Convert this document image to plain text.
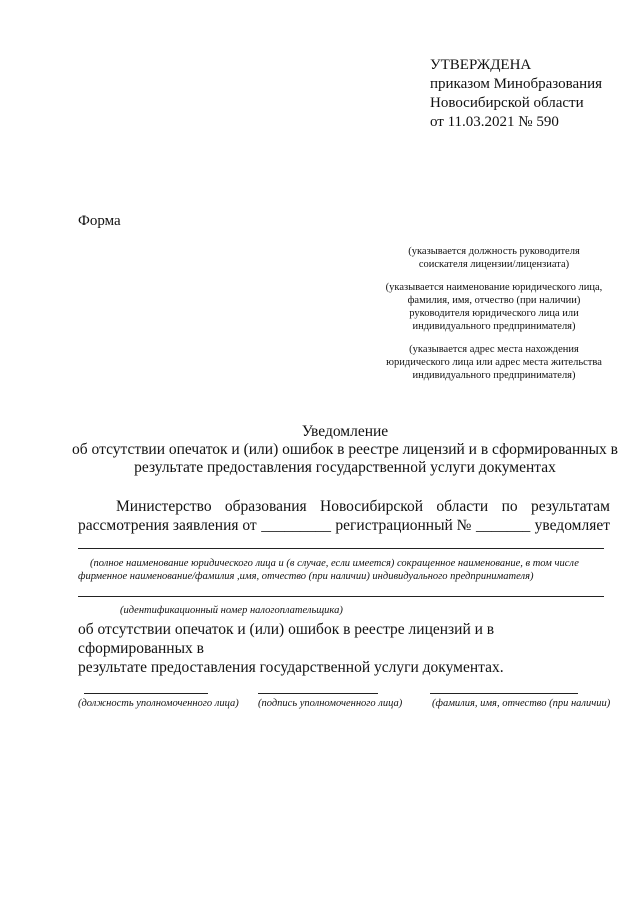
УТВЕРЖДЕНА
приказом Минобразования
Новосибирской области
от 11.03.2021 № 590
Форма
(указывается должность руководителя
соискателя лицензии/лицензиата)
(указывается наименование юридического лица,
фамилия, имя, отчество (при наличии)
руководителя юридического лица или
индивидуального предпринимателя)
(указывается адрес места нахождения
юридического лица или адрес места жительства
индивидуального предпринимателя)
Уведомление
об отсутствии опечаток и (или) ошибок в реестре лицензий и в сформированных в
результате предоставления государственной услуги документах
Министерство образования Новосибирской области по результатам
рассмотрения заявления от _________ регистрационный № _______ уведомляет
(полное наименование юридического лица и (в случае, если имеется) сокращенное наименование, в том числе
фирменное наименование/фамилия ,имя, отчество (при наличии) индивидуального предпринимателя)
(идентификационный номер налогоплательщика)
об отсутствии опечаток и (или) ошибок в реестре лицензий и в сформированных в
результате предоставления государственной услуги документах.
(должность уполномоченного лица) (подпись уполномоченного лица)	(фамилия, имя, отчество (при наличии)
